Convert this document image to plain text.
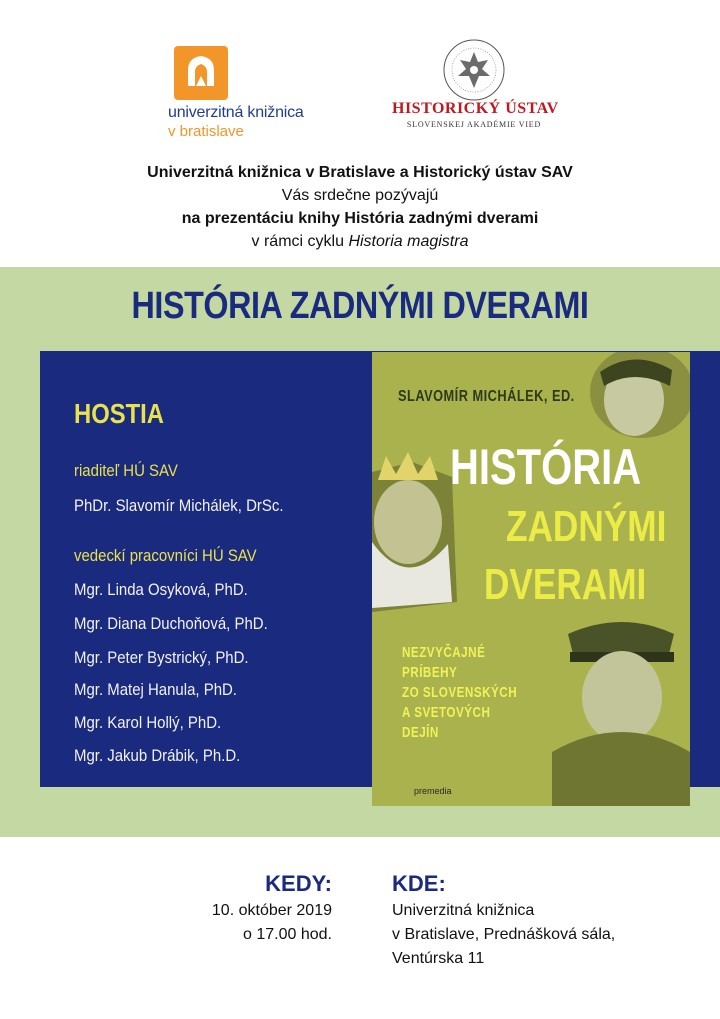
univerzitná knižnica
v bratislave
HISTORICKÝ ÚSTAV
SLOVENSKEJ AKADÉMIE VIED
Univerzitná knižnica v Bratislave a Historický ústav SAV
Vás srdečne pozývajú
na prezentáciu knihy História zadnými dverami
v rámci cyklu Historia magistra
HISTÓRIA ZADNÝMI DVERAMI
HOSTIA
riaditeľ HÚ SAV
PhDr. Slavomír Michálek, DrSc.
vedeckí pracovníci HÚ SAV
Mgr. Linda Osyková, PhD.
Mgr. Diana Duchoňová, PhD.
Mgr. Peter Bystrický, PhD.
Mgr. Matej Hanula, PhD.
Mgr. Karol Hollý, PhD.
Mgr. Jakub Drábik, Ph.D.
SLAVOMÍR MICHÁLEK, ED.
HISTÓRIA
ZADNÝMI
DVERAMI
NEZVYČAJNÉ
PRÍBEHY
ZO SLOVENSKÝCH
A SVETOVÝCH
DEJÍN
premedia
KEDY:
10. október 2019
o 17.00 hod.
KDE:
Univerzitná knižnica
v Bratislave, Prednášková sála,
Ventúrska 11
